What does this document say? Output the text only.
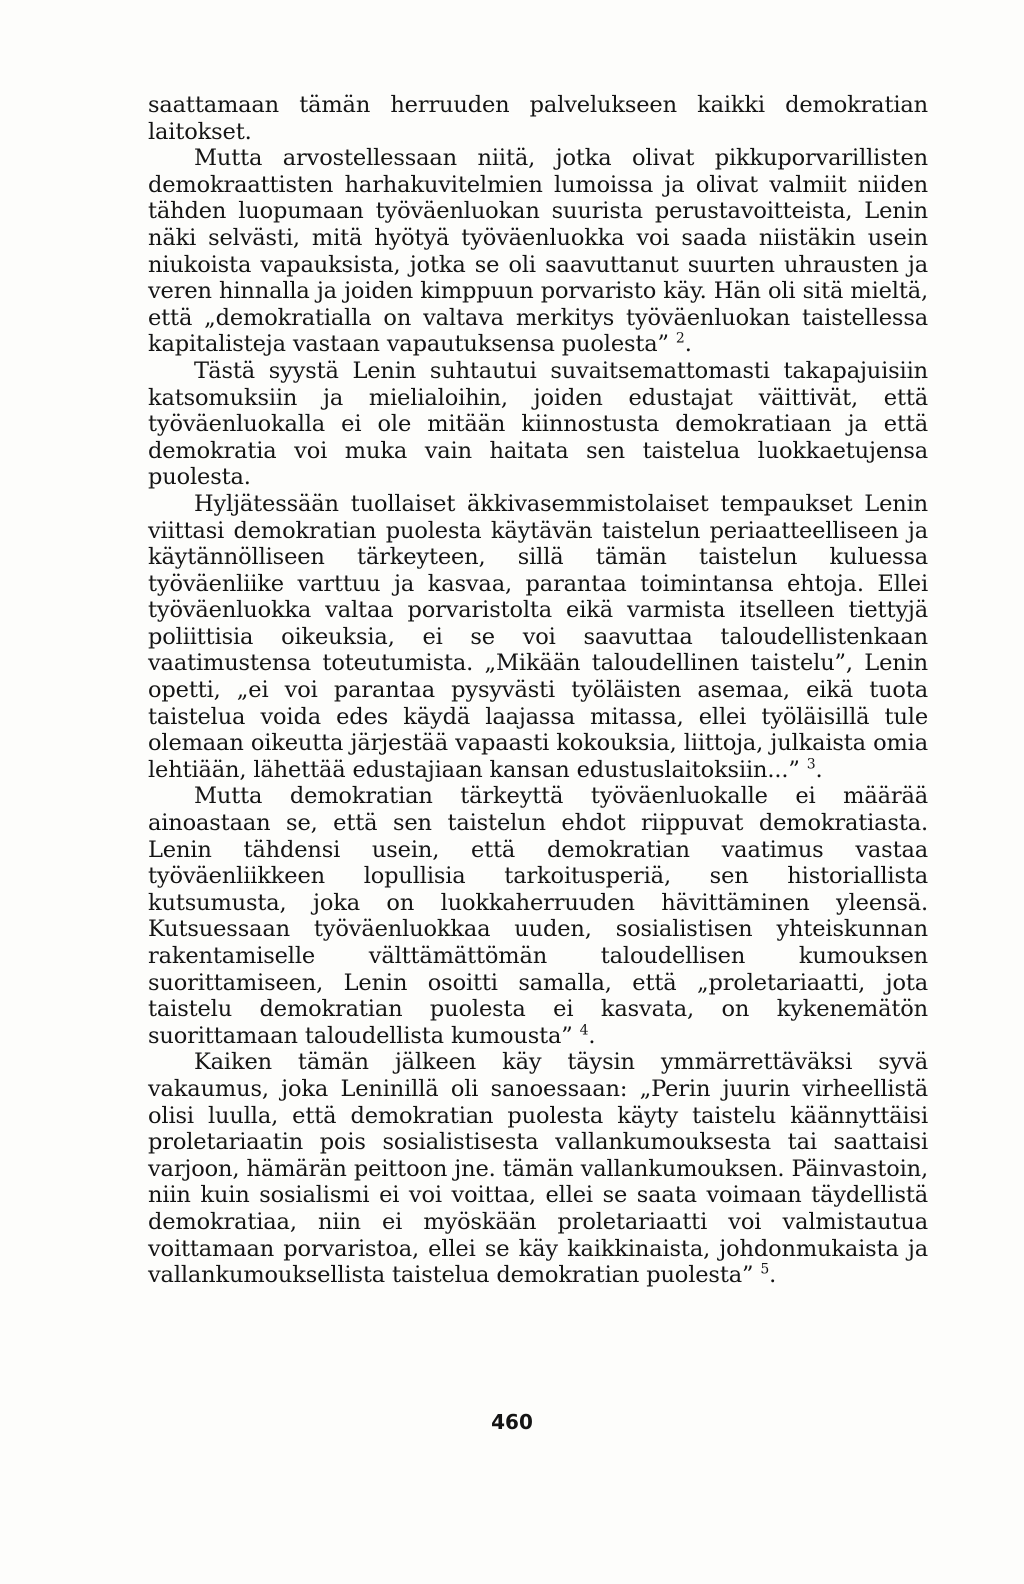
saattamaan tämän herruuden palvelukseen kaikki demokratian laitokset.

Mutta arvostellessaan niitä, jotka olivat pikkuporvarillisten demokraattisten harhakuvitelmien lumoissa ja olivat valmiit niiden tähden luopumaan työväenluokan suurista perustavoitteista, Lenin näki selvästi, mitä hyötyä työväenluokka voi saada niistäkin usein niukoista vapauksista, jotka se oli saavuttanut suurten uhrausten ja veren hinnalla ja joiden kimppuun porvaristo käy. Hän oli sitä mieltä, että „demokratialla on valtava merkitys työväenluokan taistellessa kapitalisteja vastaan vapautuksensa puolesta” $^2$.

Tästä syystä Lenin suhtautui suvaitsemattomasti takapajuisiin katsomuksiin ja mielialoihin, joiden edustajat väittivät, että työväenluokalla ei ole mitään kiinnostusta demokratiaan ja että demokratia voi muka vain haitata sen taistelua luokkaetujensa puolesta.

Hyljätessään tuollaiset äkkivasemmistolaiset tempaukset Lenin viittasi demokratian puolesta käytävän taistelun periaatteelliseen ja käytännölliseen tärkeyteen, sillä tämän taistelun kuluessa työväenliike varttuu ja kasvaa, parantaa toimintansa ehtoja. Ellei työväenluokka valtaa porvaristolta eikä varmista itselleen tiettyjä poliittisia oikeuksia, ei se voi saavuttaa taloudellistenkaan vaatimustensa toteutumista. „Mikään taloudellinen taistelu”, Lenin opetti, „ei voi parantaa pysyvästi työläisten asemaa, eikä tuota taistelua voida edes käydä laajassa mitassa, ellei työläisillä tule olemaan oikeutta järjestää vapaasti kokouksia, liittoja, julkaista omia lehtiään, lähettää edustajiaan kansan edustuslaitoksiin...” $^3$.

Mutta demokratian tärkeyttä työväenluokalle ei määrää ainoastaan se, että sen taistelun ehdot riippuvat demokratiasta. Lenin tähdensi usein, että demokratian vaatimus vastaa työväenliikkeen lopullisia tarkoitusperiä, sen historiallista kutsumusta, joka on luokkaherruuden hävittäminen yleensä. Kutsuessaan työväenluokkaa uuden, sosialistisen yhteiskunnan rakentamiselle välttämättömän taloudellisen kumouksen suorittamiseen, Lenin osoitti samalla, että „proletariaatti, jota taistelu demokratian puolesta ei kasvata, on kykenemätön suorittamaan taloudellista kumousta” $^4$.

Kaiken tämän jälkeen käy täysin ymmärrettäväksi syvä vakaumus, joka Leninillä oli sanoessaan: „Perin juurin virheellistä olisi luulla, että demokratian puolesta käyty taistelu käännyttäisi proletariaatin pois sosialistisesta vallankumouksesta tai saattaisi varjoon, hämärän peittoon jne. tämän vallankumouksen. Päinvastoin, niin kuin sosialismi ei voi voittaa, ellei se saata voimaan täydellistä demokratiaa, niin ei myöskään proletariaatti voi valmistautua voittamaan porvaristoa, ellei se käy kaikkinaista, johdonmukaista ja vallankumouksellista taistelua demokratian puolesta” $^5$.

460
